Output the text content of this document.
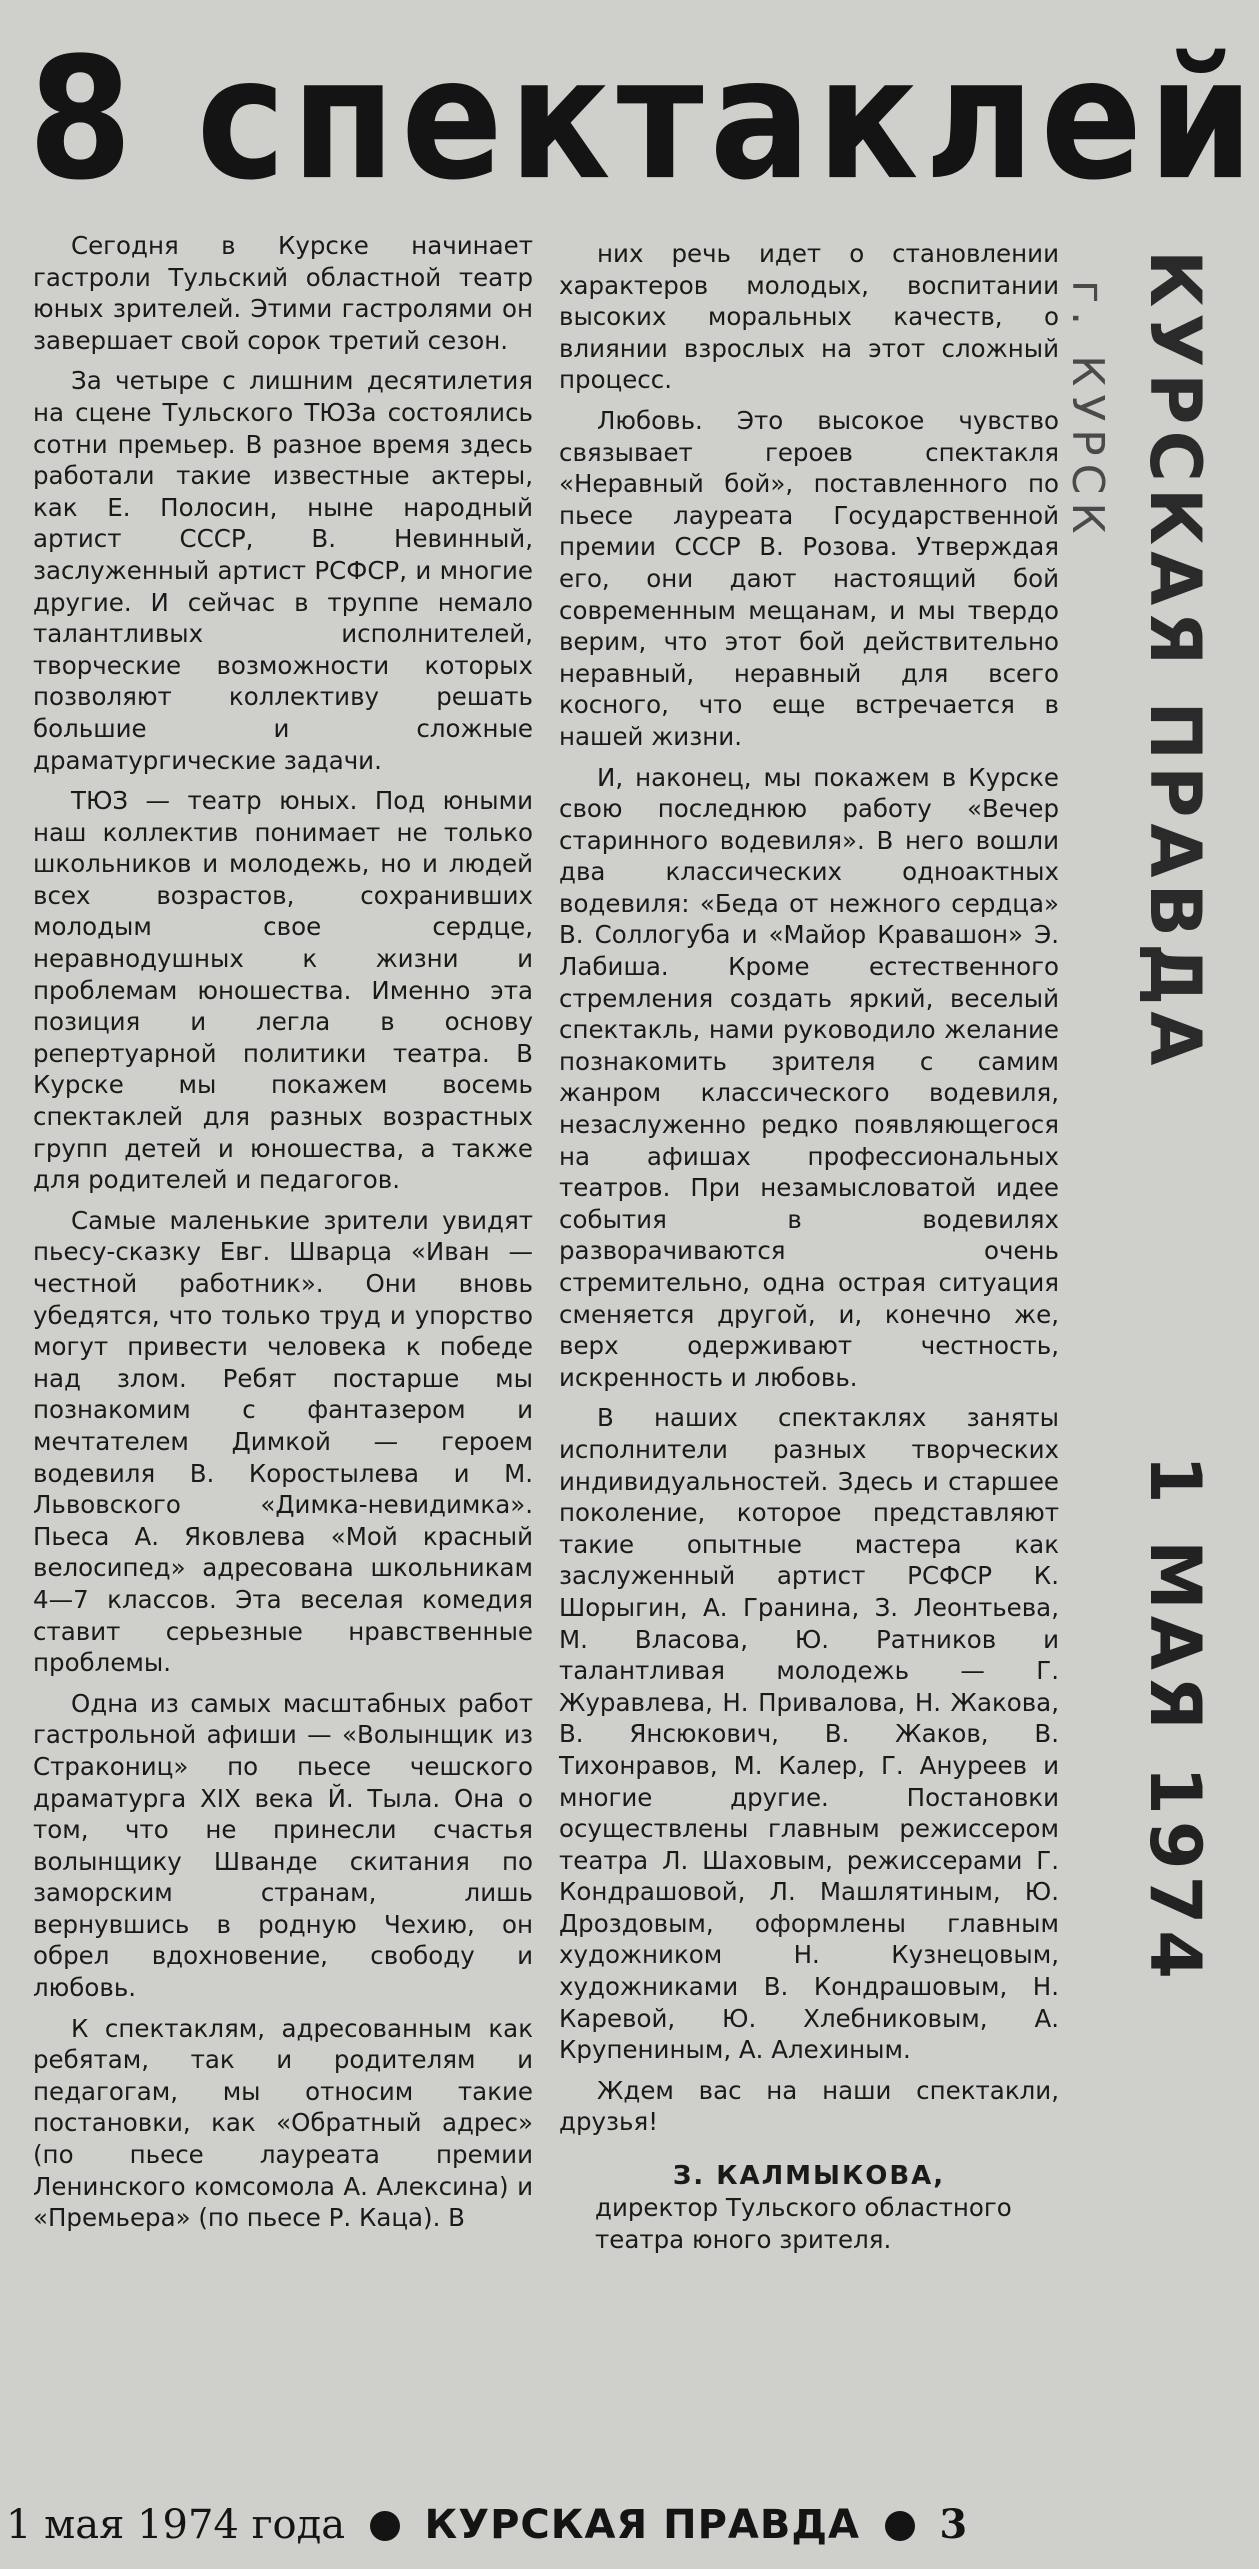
8 спектаклей

Сегодня в Курске начинает гастроли Тульский областной театр юных зрителей. Этими гастролями он завершает свой сорок третий сезон.

За четыре с лишним десятилетия на сцене Тульского ТЮЗа состоялись сотни премьер. В разное время здесь работали такие известные актеры, как Е. Полосин, ныне народный артист СССР, В. Невинный, заслуженный артист РСФСР, и многие другие. И сейчас в труппе немало талантливых исполнителей, творческие возможности которых позволяют коллективу решать большие и сложные драматургические задачи.

ТЮЗ — театр юных. Под юными наш коллектив понимает не только школьников и молодежь, но и людей всех возрастов, сохранивших молодым свое сердце, неравнодушных к жизни и проблемам юношества. Именно эта позиция и легла в основу репертуарной политики театра. В Курске мы покажем восемь спектаклей для разных возрастных групп детей и юношества, а также для родителей и педагогов.

Самые маленькие зрители увидят пьесу-сказку Евг. Шварца «Иван — честной работник». Они вновь убедятся, что только труд и упорство могут привести человека к победе над злом. Ребят постарше мы познакомим с фантазером и мечтателем Димкой — героем водевиля В. Коростылева и М. Львовского «Димка-невидимка». Пьеса А. Яковлева «Мой красный велосипед» адресована школьникам 4—7 классов. Эта веселая комедия ставит серьезные нравственные проблемы.

Одна из самых масштабных работ гастрольной афиши — «Волынщик из Стракониц» по пьесе чешского драматурга XIX века Й. Тыла. Она о том, что не принесли счастья волынщику Шванде скитания по заморским странам, лишь вернувшись в родную Чехию, он обрел вдохновение, свободу и любовь.

К спектаклям, адресованным как ребятам, так и родителям и педагогам, мы относим такие постановки, как «Обратный адрес» (по пьесе лауреата премии Ленинского комсомола А. Алексина) и «Премьера» (по пьесе Р. Каца). В

них речь идет о становлении характеров молодых, воспитании высоких моральных качеств, о влиянии взрослых на этот сложный процесс.

Любовь. Это высокое чувство связывает героев спектакля «Неравный бой», поставленного по пьесе лауреата Государственной премии СССР В. Розова. Утверждая его, они дают настоящий бой современным мещанам, и мы твердо верим, что этот бой действительно неравный, неравный для всего косного, что еще встречается в нашей жизни.

И, наконец, мы покажем в Курске свою последнюю работу «Вечер старинного водевиля». В него вошли два классических одноактных водевиля: «Беда от нежного сердца» В. Соллогуба и «Майор Кравашон» Э. Лабиша. Кроме естественного стремления создать яркий, веселый спектакль, нами руководило желание познакомить зрителя с самим жанром классического водевиля, незаслуженно редко появляющегося на афишах профессиональных театров. При незамысловатой идее события в водевилях разворачиваются очень стремительно, одна острая ситуация сменяется другой, и, конечно же, верх одерживают честность, искренность и любовь.

В наших спектаклях заняты исполнители разных творческих индивидуальностей. Здесь и старшее поколение, которое представляют такие опытные мастера как заслуженный артист РСФСР К. Шорыгин, А. Гранина, З. Леонтьева, М. Власова, Ю. Ратников и талантливая молодежь — Г. Журавлева, Н. Привалова, Н. Жакова, В. Янсюкович, В. Жаков, В. Тихонравов, М. Калер, Г. Ануреев и многие другие. Постановки осуществлены главным режиссером театра Л. Шаховым, режиссерами Г. Кондрашовой, Л. Машлятиным, Ю. Дроздовым, оформлены главным художником Н. Кузнецовым, художниками В. Кондрашовым, Н. Каревой, Ю. Хлебниковым, А. Крупениным, А. Алехиным.

Ждем вас на наши спектакли, друзья!

З. КАЛМЫКОВА,
директор Тульского областного театра юного зрителя.
КУРСКАЯ ПРАВДА
г. КУРСК
1 МАЯ 1974
1 мая 1974 года КУРСКАЯ ПРАВДА 3
